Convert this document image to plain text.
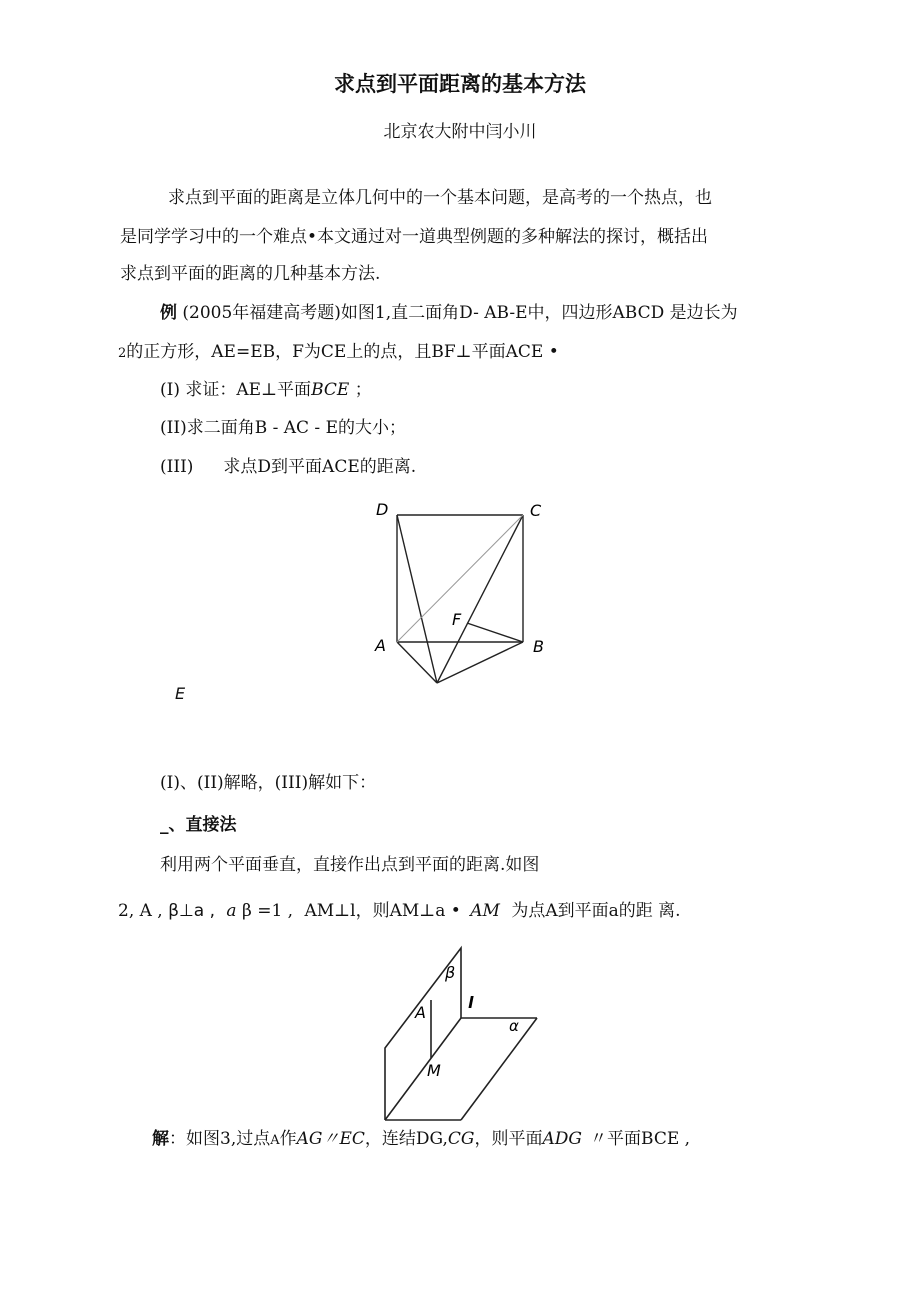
求点到平面距离的基本方法
北京农大附中闫小川
求点到平面的距离是立体几何中的一个基本问题，是高考的一个热点，也
是同学学习中的一个难点•本文通过对一道典型例题的多种解法的探讨，概括出
求点到平面的距离的几种基本方法.
例 (2005年福建高考题)如图1,直二面角D- AB-E中，四边形ABCD 是边长为
2的正方形，AE=EB，F为CE上的点，且BF⊥平面ACE •
(I) 求证：AE⊥平面BCE ；
(II)求二面角B - AC - E的大小；
(III) 求点D到平面ACE的距离.
D	C
F
A	B
E
(I)、(II)解略，(III)解如下：
_、直接法
利用两个平面垂直，直接作出点到平面的距离.如图
2, A , β⊥a , a β =1 , AM⊥l，则AM⊥a • AM 为点A到平面a的距 离.
β
l
A
α
M
解：如图3,过点A作AG〃EC，连结DG,CG，则平面ADG 〃平面BCE ,
